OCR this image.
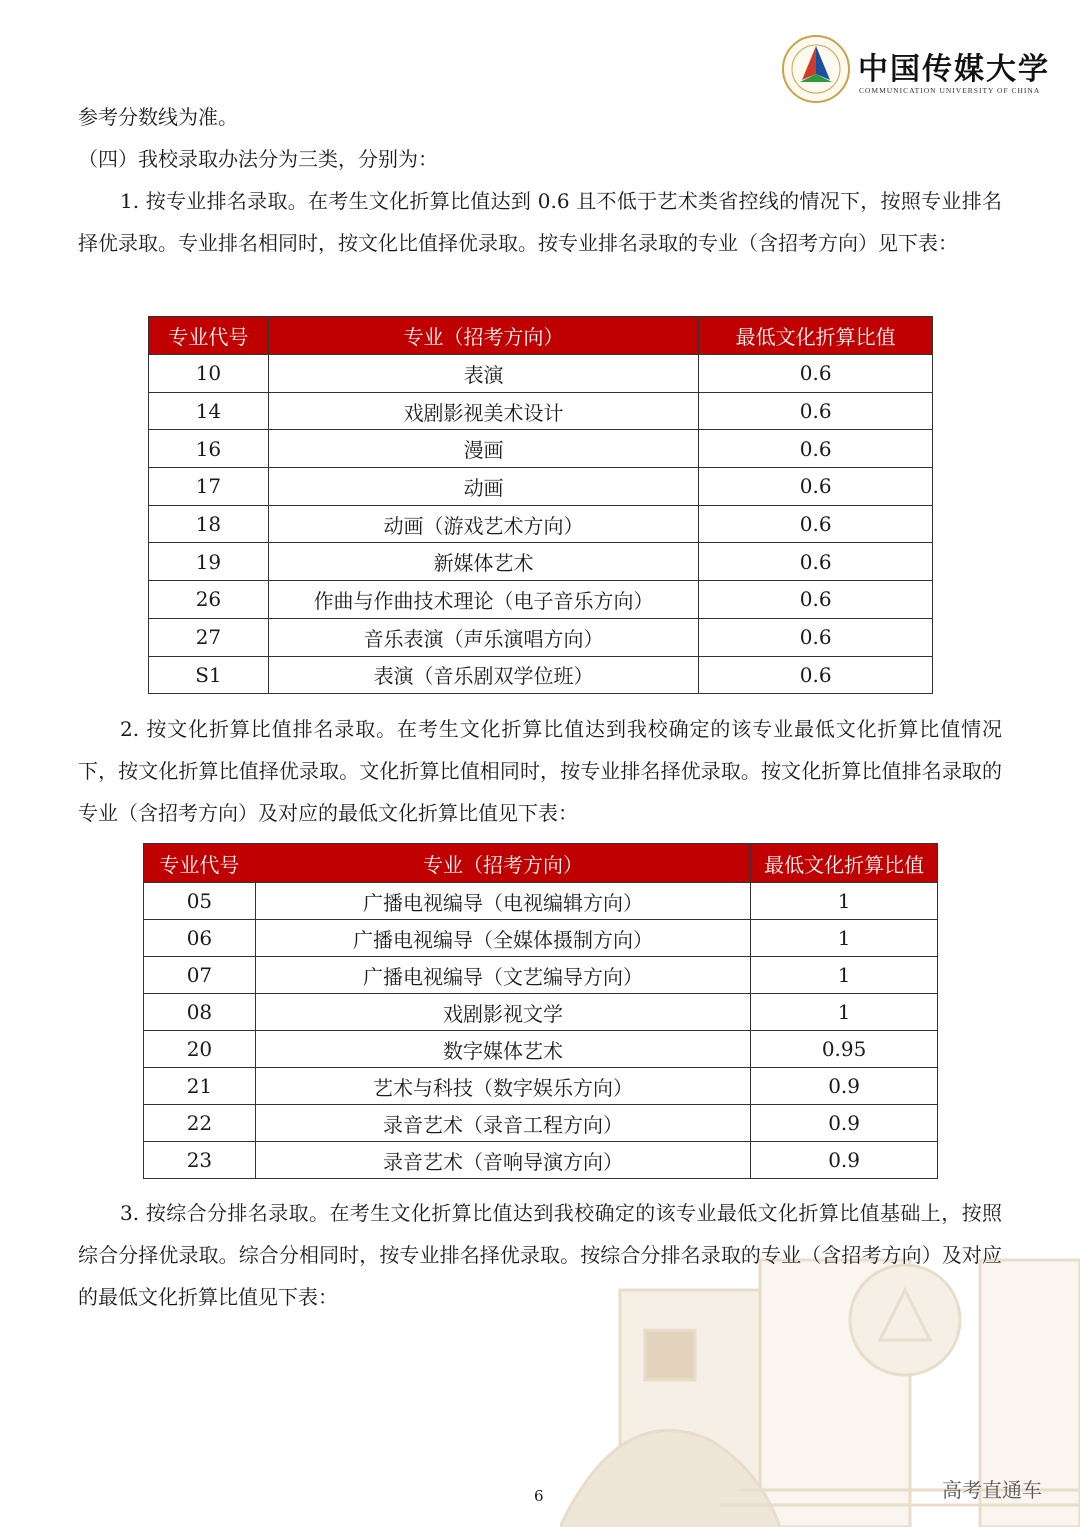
中国传媒大学
COMMUNICATION UNIVERSITY OF CHINA

参考分数线为准。

（四）我校录取办法分为三类，分别为：

1. 按专业排名录取。在考生文化折算比值达到 0.6 且不低于艺术类省控线的情况下，按照专业排名择优录取。专业排名相同时，按文化比值择优录取。按专业排名录取的专业（含招考方向）见下表：

专业代号	专业（招考方向）	最低文化折算比值
10	表演	0.6
14	戏剧影视美术设计	0.6
16	漫画	0.6
17	动画	0.6
18	动画（游戏艺术方向）	0.6
19	新媒体艺术	0.6
26	作曲与作曲技术理论（电子音乐方向）	0.6
27	音乐表演（声乐演唱方向）	0.6
S1	表演（音乐剧双学位班）	0.6

2. 按文化折算比值排名录取。在考生文化折算比值达到我校确定的该专业最低文化折算比值情况下，按文化折算比值择优录取。文化折算比值相同时，按专业排名择优录取。按文化折算比值排名录取的专业（含招考方向）及对应的最低文化折算比值见下表：

专业代号	专业（招考方向）	最低文化折算比值
05	广播电视编导（电视编辑方向）	1
06	广播电视编导（全媒体摄制方向）	1
07	广播电视编导（文艺编导方向）	1
08	戏剧影视文学	1
20	数字媒体艺术	0.95
21	艺术与科技（数字娱乐方向）	0.9
22	录音艺术（录音工程方向）	0.9
23	录音艺术（音响导演方向）	0.9

3. 按综合分排名录取。在考生文化折算比值达到我校确定的该专业最低文化折算比值基础上，按照综合分择优录取。综合分相同时，按专业排名择优录取。按综合分排名录取的专业（含招考方向）及对应的最低文化折算比值见下表：

6	高考直通车
